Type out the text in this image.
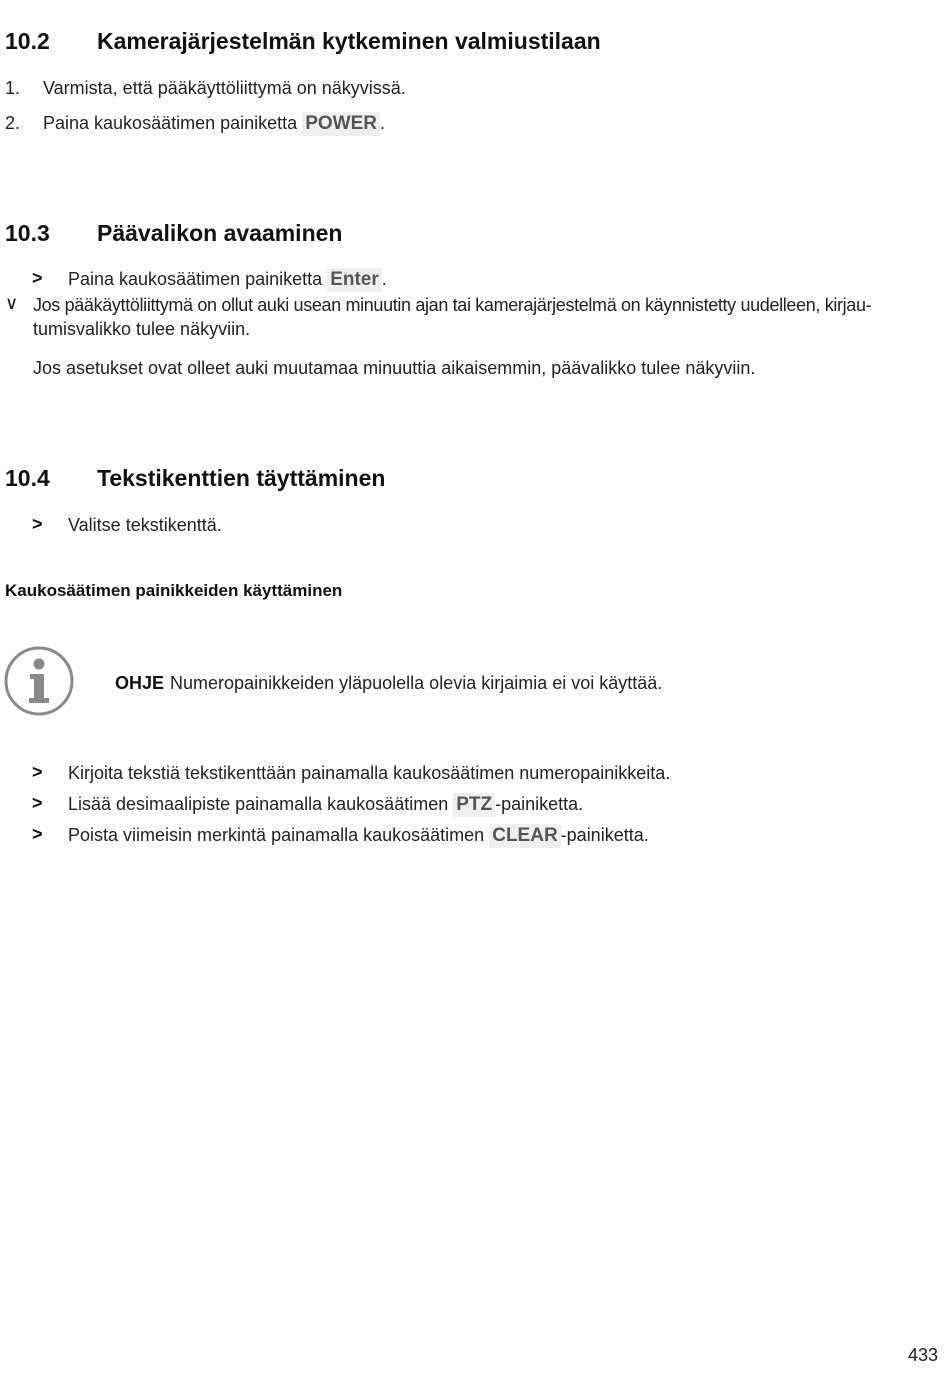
10.2 Kamerajärjestelmän kytkeminen valmiustilaan
1. Varmista, että pääkäyttöliittymä on näkyvissä.
2. Paina kaukosäätimen painiketta POWER .
10.3 Päävalikon avaaminen
> Paina kaukosäätimen painiketta Enter .
∨ Jos pääkäyttöliittymä on ollut auki usean minuutin ajan tai kamerajärjestelmä on käynnistetty uudelleen, kirjau-
tumisvalikko tulee näkyviin.
Jos asetukset ovat olleet auki muutamaa minuuttia aikaisemmin, päävalikko tulee näkyviin.
10.4 Tekstikenttien täyttäminen
> Valitse tekstikenttä.
Kaukosäätimen painikkeiden käyttäminen
OHJE Numeropainikkeiden yläpuolella olevia kirjaimia ei voi käyttää.
> Kirjoita tekstiä tekstikenttään painamalla kaukosäätimen numeropainikkeita.
> Lisää desimaalipiste painamalla kaukosäätimen PTZ -painiketta.
> Poista viimeisin merkintä painamalla kaukosäätimen CLEAR -painiketta.
433
